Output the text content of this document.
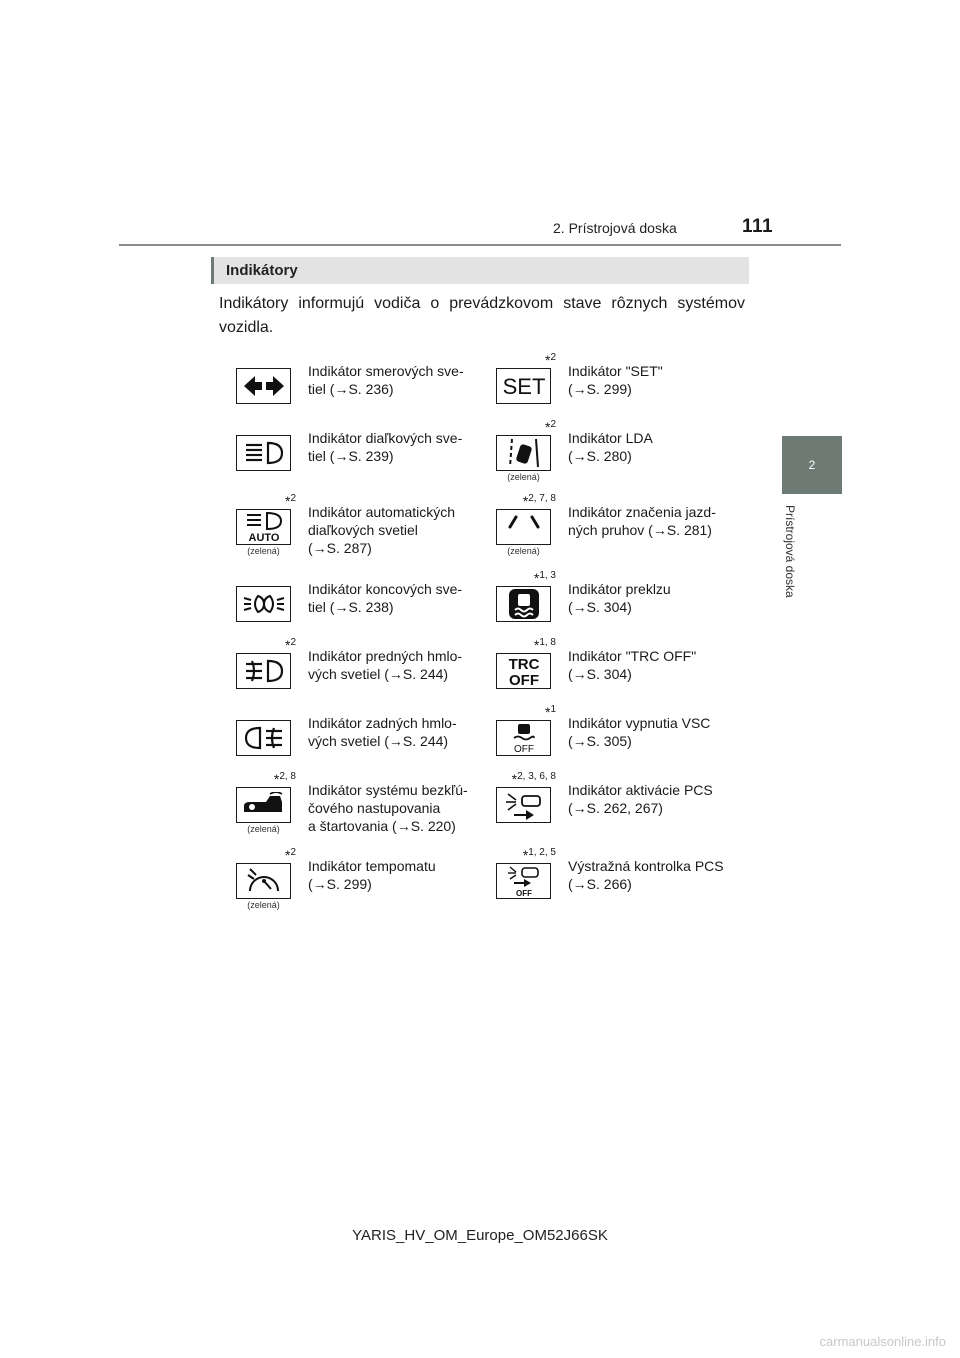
2. Prístrojová doska	111
2
Prístrojová doska
Indikátory
Indikátory informujú vodiča o prevádzkovom stave rôznych systémov vozidla.
Indikátor smerových sve-
tiel (→S. 236)	SET
*2
Indikátor "SET"
(→S. 299)
Indikátor diaľkových sve-
tiel (→S. 239)
*2
(zelená)
Indikátor LDA
(→S. 280)
AUTO
*2
(zelená)
Indikátor automatických
diaľkových svetiel
(→S. 287)
*2, 7, 8
(zelená)
Indikátor značenia jazd-
ných pruhov (→S. 281)
Indikátor koncových sve-
tiel (→S. 238)
*1, 3
Indikátor preklzu
(→S. 304)
*2
Indikátor predných hmlo-
vých svetiel (→S. 244)
TRC
OFF
*1, 8
Indikátor "TRC OFF"
(→S. 304)
Indikátor zadných hmlo-
vých svetiel (→S. 244)
OFF
*1
Indikátor vypnutia VSC
(→S. 305)
*2, 8
(zelená)
Indikátor systému bezkľú-
čového nastupovania
a štartovania (→S. 220)
*2, 3, 6, 8
Indikátor aktivácie PCS
(→S. 262, 267)
*2
(zelená)
Indikátor tempomatu
(→S. 299)
OFF
*1, 2, 5
Výstražná kontrolka PCS
(→S. 266)
YARIS_HV_OM_Europe_OM52J66SK
carmanualsonline.info
